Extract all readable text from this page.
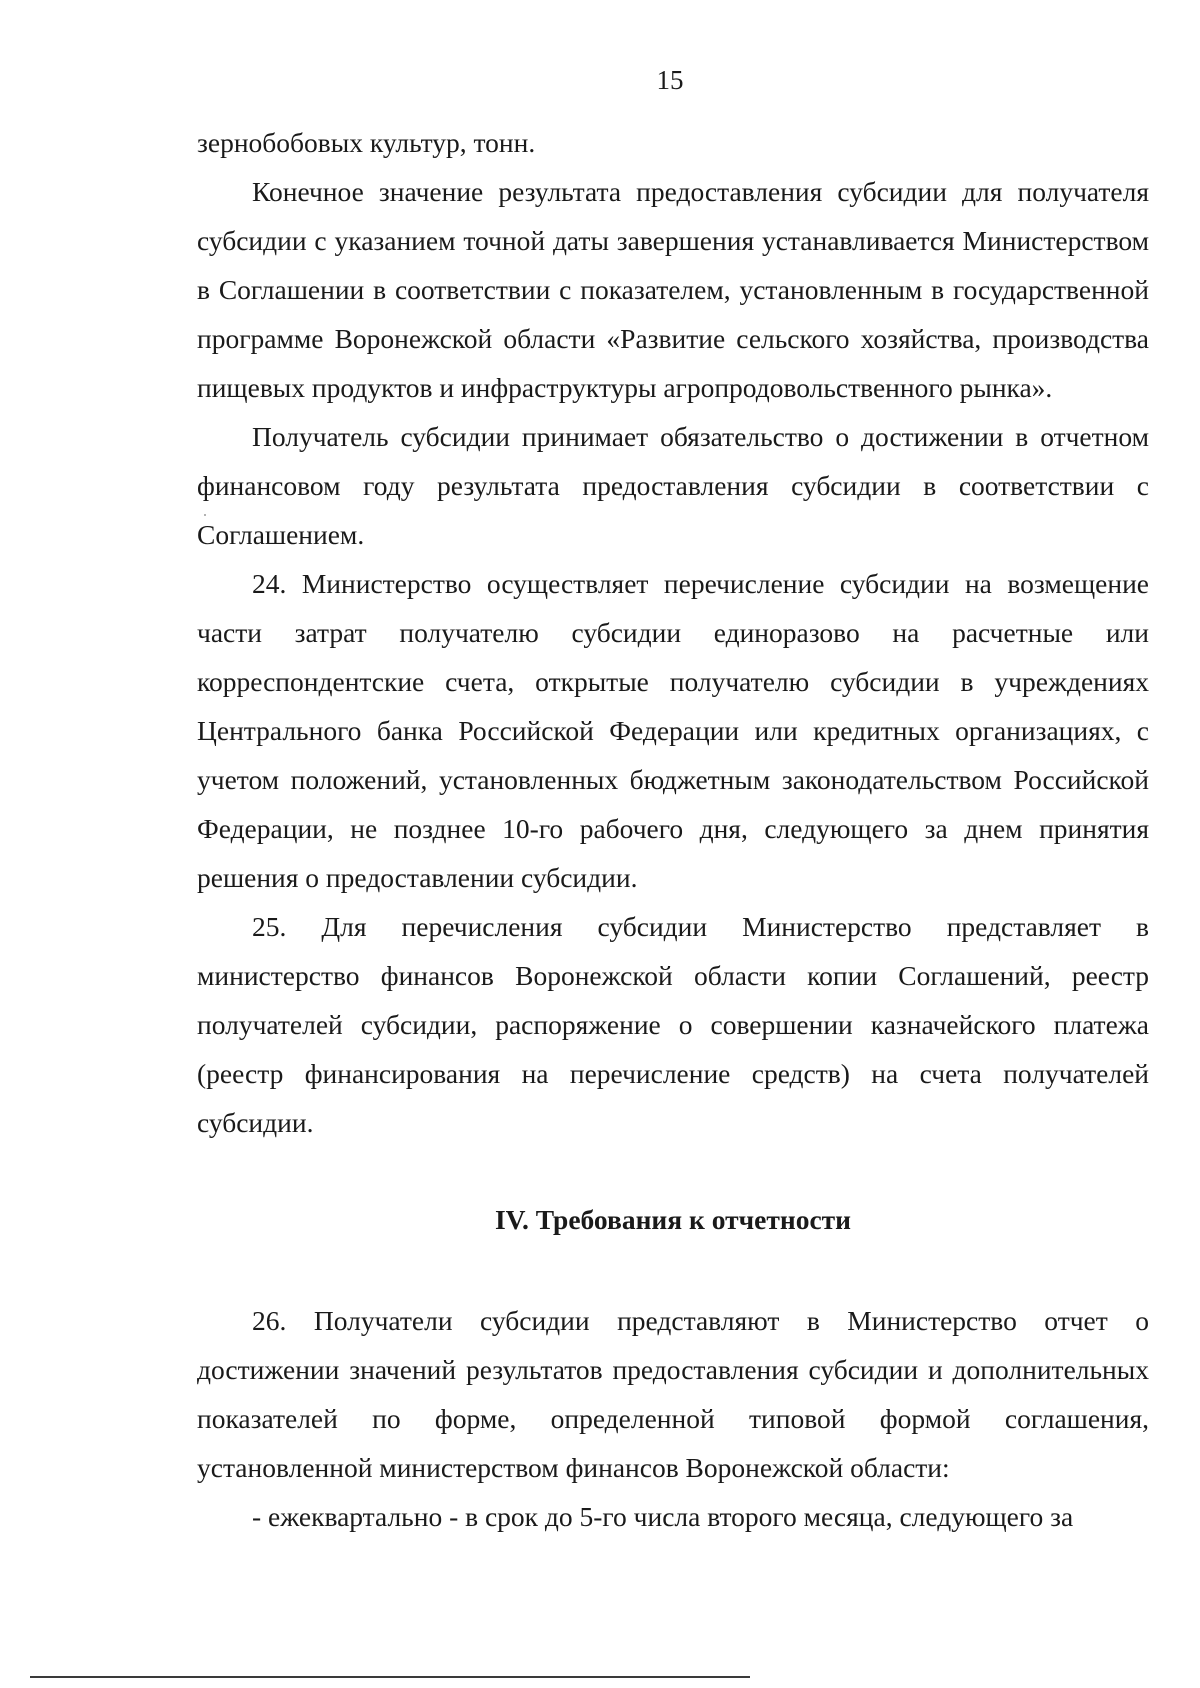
15

зернобобовых культур, тонн.

Конечное значение результата предоставления субсидии для получателя субсидии с указанием точной даты завершения устанавливается Министерством в Соглашении в соответствии с показателем, установленным в государственной программе Воронежской области «Развитие сельского хозяйства, производства пищевых продуктов и инфраструктуры агропродовольственного рынка».

Получатель субсидии принимает обязательство о достижении в отчетном финансовом году результата предоставления субсидии в соответствии с Соглашением.

24. Министерство осуществляет перечисление субсидии на возмещение части затрат получателю субсидии единоразово на расчетные или корреспондентские счета, открытые получателю субсидии в учреждениях Центрального банка Российской Федерации или кредитных организациях, с учетом положений, установленных бюджетным законодательством Российской Федерации, не позднее 10-го рабочего дня, следующего за днем принятия решения о предоставлении субсидии.

25. Для перечисления субсидии Министерство представляет в министерство финансов Воронежской области копии Соглашений, реестр получателей субсидии, распоряжение о совершении казначейского платежа (реестр финансирования на перечисление средств) на счета получателей субсидии.

IV. Требования к отчетности

26. Получатели субсидии представляют в Министерство отчет о достижении значений результатов предоставления субсидии и дополнительных показателей по форме, определенной типовой формой соглашения, установленной министерством финансов Воронежской области:

- ежеквартально - в срок до 5-го числа второго месяца, следующего за
